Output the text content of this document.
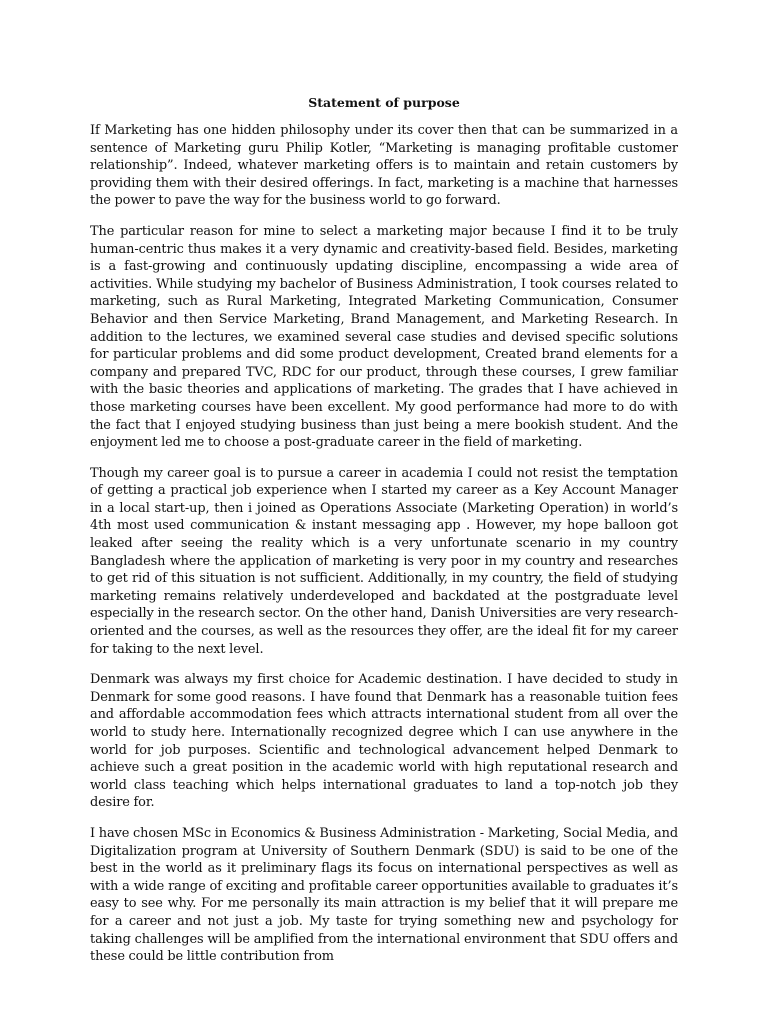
Statement of purpose

If Marketing has one hidden philosophy under its cover then that can be summarized in a sentence of Marketing guru Philip Kotler, “Marketing is managing profitable customer relationship”. Indeed, whatever marketing offers is to maintain and retain customers by providing them with their desired offerings. In fact, marketing is a machine that harnesses the power to pave the way for the business world to go forward.

The particular reason for mine to select a marketing major because I find it to be truly human-centric thus makes it a very dynamic and creativity-based field. Besides, marketing is a fast-growing and continuously updating discipline, encompassing a wide area of activities. While studying my bachelor of Business Administration, I took courses related to marketing, such as Rural Marketing, Integrated Marketing Communication, Consumer Behavior and then Service Marketing, Brand Management, and Marketing Research. In addition to the lectures, we examined several case studies and devised specific solutions for particular problems and did some product development, Created brand elements for a company and prepared TVC, RDC for our product, through these courses, I grew familiar with the basic theories and applications of marketing. The grades that I have achieved in those marketing courses have been excellent. My good performance had more to do with the fact that I enjoyed studying business than just being a mere bookish student. And the enjoyment led me to choose a post-graduate career in the field of marketing.

Though my career goal is to pursue a career in academia I could not resist the temptation of getting a practical job experience when I started my career as a Key Account Manager in a local start-up, then i joined as Operations Associate (Marketing Operation) in world’s 4th most used communication & instant messaging app . However, my hope balloon got leaked after seeing the reality which is a very unfortunate scenario in my country Bangladesh where the application of marketing is very poor in my country and researches to get rid of this situation is not sufficient. Additionally, in my country, the field of studying marketing remains relatively underdeveloped and backdated at the postgraduate level especially in the research sector. On the other hand, Danish Universities are very research-oriented and the courses, as well as the resources they offer, are the ideal fit for my career for taking to the next level.

Denmark was always my first choice for Academic destination. I have decided to study in Denmark for some good reasons. I have found that Denmark has a reasonable tuition fees and affordable accommodation fees which attracts international student from all over the world to study here. Internationally recognized degree which I can use anywhere in the world for job purposes. Scientific and technological advancement helped Denmark to achieve such a great position in the academic world with high reputational research and world class teaching which helps international graduates to land a top-notch job they desire for.

I have chosen MSc in Economics & Business Administration - Marketing, Social Media, and Digitalization program at University of Southern Denmark (SDU) is said to be one of the best in the world as it preliminary flags its focus on international perspectives as well as with a wide range of exciting and profitable career opportunities available to graduates it’s easy to see why. For me personally its main attraction is my belief that it will prepare me for a career and not just a job. My taste for trying something new and psychology for taking challenges will be amplified from the international environment that SDU offers and these could be little contribution from
